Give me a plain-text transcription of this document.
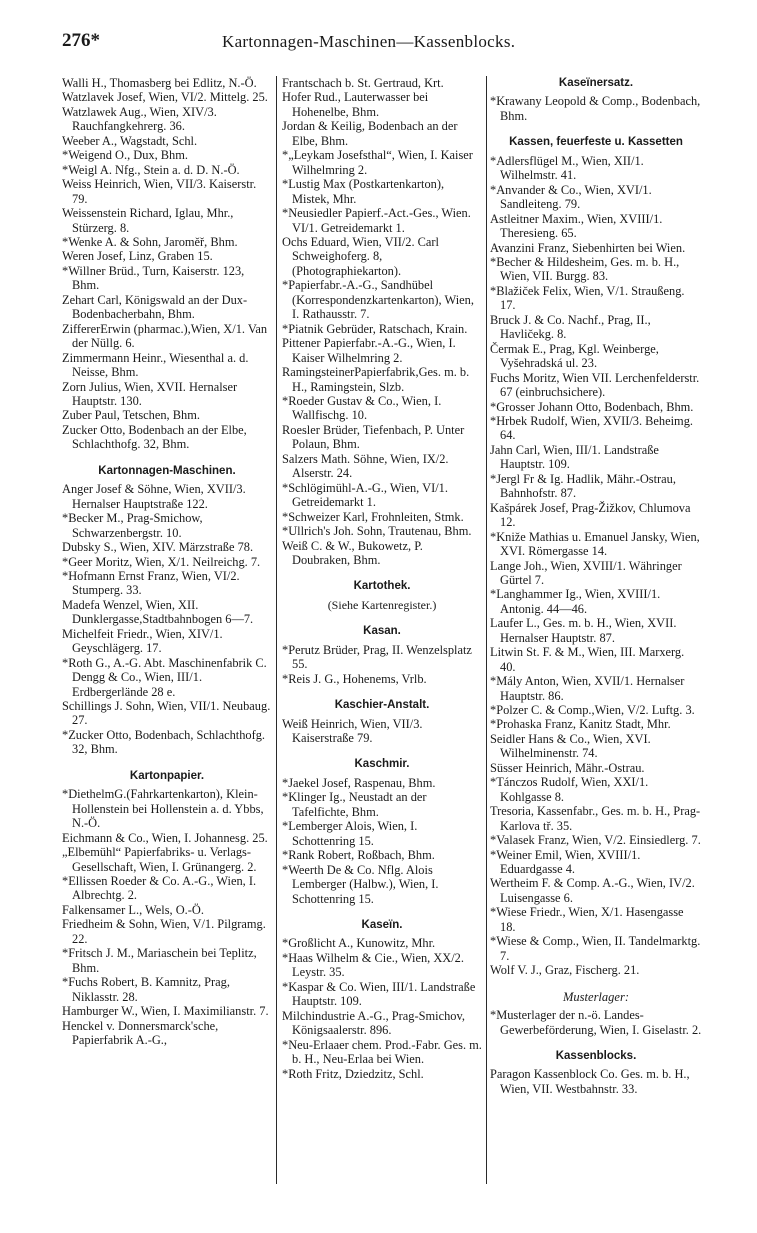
276*	Kartonnagen-Maschinen—Kassenblocks.

Walli H., Thomasberg bei Edlitz, N.-Ö.

Watzlavek Josef, Wien, VI/2. Mittelg. 25.

Watzlawek Aug., Wien, XIV/3. Rauchfangkehrerg. 36.

Weeber A., Wagstadt, Schl.

*Weigend O., Dux, Bhm.

*Weigl A. Nfg., Stein a. d. D. N.-Ö.

Weiss Heinrich, Wien, VII/3. Kaiserstr. 79.

Weissenstein Richard, Iglau, Mhr., Stürzerg. 8.

*Wenke A. & Sohn, Jaroměř, Bhm.

Weren Josef, Linz, Graben 15.

*Willner Brüd., Turn, Kaiserstr. 123, Bhm.

Zehart Carl, Königswald an der Dux-Bodenbacherbahn, Bhm.

ZiffererErwin (pharmac.),Wien, X/1. Van der Nüllg. 6.

Zimmermann Heinr., Wiesenthal a. d. Neisse, Bhm.

Zorn Julius, Wien, XVII. Hernalser Hauptstr. 130.

Zuber Paul, Tetschen, Bhm.

Zucker Otto, Bodenbach an der Elbe, Schlachthofg. 32, Bhm.

Kartonnagen-Maschinen.

Anger Josef & Söhne, Wien, XVII/3. Hernalser Hauptstraße 122.

*Becker M., Prag-Smichow, Schwarzenbergstr. 10.

Dubsky S., Wien, XIV. Märzstraße 78.

*Geer Moritz, Wien, X/1. Neilreichg. 7.

*Hofmann Ernst Franz, Wien, VI/2. Stumperg. 33.

Madefa Wenzel, Wien, XII. Dunklergasse,Stadtbahnbogen 6—7.

Michelfeit Friedr., Wien, XIV/1. Geyschlägerg. 17.

*Roth G., A.-G. Abt. Maschinenfabrik C. Dengg & Co., Wien, III/1. Erdbergerlände 28 e.

Schillings J. Sohn, Wien, VII/1. Neubaug. 27.

*Zucker Otto, Bodenbach, Schlachthofg. 32, Bhm.

Kartonpapier.

*DiethelmG.(Fahrkartenkarton), Klein-Hollenstein bei Hollenstein a. d. Ybbs, N.-Ö.

Eichmann & Co., Wien, I. Johannesg. 25.

„Elbemühl“ Papierfabriks- u. Verlags-Gesellschaft, Wien, I. Grünangerg. 2.

*Ellissen Roeder & Co. A.-G., Wien, I. Albrechtg. 2.

Falkensamer L., Wels, O.-Ö.

Friedheim & Sohn, Wien, V/1. Pilgramg. 22.

*Fritsch J. M., Mariaschein bei Teplitz, Bhm.

*Fuchs Robert, B. Kamnitz, Prag, Niklasstr. 28.

Hamburger W., Wien, I. Maximilianstr. 7.

Henckel v. Donnersmarck'sche, Papierfabrik A.-G.,

Frantschach b. St. Gertraud, Krt.

Hofer Rud., Lauterwasser bei Hohenelbe, Bhm.

Jordan & Keilig, Bodenbach an der Elbe, Bhm.

*„Leykam Josefsthal“, Wien, I. Kaiser Wilhelmring 2.

*Lustig Max (Postkartenkarton), Mistek, Mhr.

*Neusiedler Papierf.-Act.-Ges., Wien. VI/1. Getreidemarkt 1.

Ochs Eduard, Wien, VII/2. Carl Schweighoferg. 8, (Photographiekarton).

*Papierfabr.-A.-G., Sandhübel (Korrespondenzkartenkarton), Wien, I. Rathausstr. 7.

*Piatnik Gebrüder, Ratschach, Krain.

Pittener Papierfabr.-A.-G., Wien, I. Kaiser Wilhelmring 2.

RamingsteinerPapierfabrik,Ges. m. b. H., Ramingstein, Slzb.

*Roeder Gustav & Co., Wien, I. Wallfischg. 10.

Roesler Brüder, Tiefenbach, P. Unter Polaun, Bhm.

Salzers Math. Söhne, Wien, IX/2. Alserstr. 24.

*Schlögimühl-A.-G., Wien, VI/1. Getreidemarkt 1.

*Schweizer Karl, Frohnleiten, Stmk.

*Ullrich's Joh. Sohn, Trautenau, Bhm.

Weiß C. & W., Bukowetz, P. Doubraken, Bhm.

Kartothek.
(Siehe Kartenregister.)
Kasan.

*Perutz Brüder, Prag, II. Wenzelsplatz 55.

*Reis J. G., Hohenems, Vrlb.

Kaschier-Anstalt.

Weiß Heinrich, Wien, VII/3. Kaiserstraße 79.

Kaschmir.

*Jaekel Josef, Raspenau, Bhm.

*Klinger Ig., Neustadt an der Tafelfichte, Bhm.

*Lemberger Alois, Wien, I. Schottenring 15.

*Rank Robert, Roßbach, Bhm.

*Weerth De & Co. Nflg. Alois Lemberger (Halbw.), Wien, I. Schottenring 15.

Kaseïn.

*Großlicht A., Kunowitz, Mhr.

*Haas Wilhelm & Cie., Wien, XX/2. Leystr. 35.

*Kaspar & Co. Wien, III/1. Landstraße Hauptstr. 109.

Milchindustrie A.-G., Prag-Smichov, Königsaalerstr. 896.

*Neu-Erlaaer chem. Prod.-Fabr. Ges. m. b. H., Neu-Erlaa bei Wien.

*Roth Fritz, Dziedzitz, Schl.

Kaseïnersatz.

*Krawany Leopold & Comp., Bodenbach, Bhm.

Kassen, feuerfeste u. Kassetten

*Adlersflügel M., Wien, XII/1. Wilhelmstr. 41.

*Anvander & Co., Wien, XVI/1. Sandleiteng. 79.

Astleitner Maxim., Wien, XVIII/1. Theresieng. 65.

Avanzini Franz, Siebenhirten bei Wien.

*Becher & Hildesheim, Ges. m. b. H., Wien, VII. Burgg. 83.

*Blažiček Felix, Wien, V/1. Straußeng. 17.

Bruck J. & Co. Nachf., Prag, II., Havličekg. 8.

Čermak E., Prag, Kgl. Weinberge, Vyšehradská ul. 23.

Fuchs Moritz, Wien VII. Lerchenfelderstr. 67 (einbruchsichere).

*Grosser Johann Otto, Bodenbach, Bhm.

*Hrbek Rudolf, Wien, XVII/3. Beheimg. 64.

Jahn Carl, Wien, III/1. Landstraße Hauptstr. 109.

*Jergl Fr & Ig. Hadlik, Mähr.-Ostrau, Bahnhofstr. 87.

Kašpárek Josef, Prag-Žižkov, Chlumova 12.

*Knižе Mathias u. Emanuel Jansky, Wien, XVI. Römergasse 14.

Lange Joh., Wien, XVIII/1. Währinger Gürtel 7.

*Langhammer Ig., Wien, XVIII/1. Antonig. 44—46.

Laufer L., Ges. m. b. H., Wien, XVII. Hernalser Hauptstr. 87.

Litwin St. F. & M., Wien, III. Marxerg. 40.

*Mály Anton, Wien, XVII/1. Hernalser Hauptstr. 86.

*Polzer C. & Comp.,Wien, V/2. Luftg. 3.

*Prohaska Franz, Kanitz Stadt, Mhr.

Seidler Hans & Co., Wien, XVI. Wilhelminenstr. 74.

Süsser Heinrich, Mähr.-Ostrau.

*Tánczos Rudolf, Wien, XXI/1. Kohlgasse 8.

Tresoria, Kassenfabr., Ges. m. b. H., Prag-Karlova tř. 35.

*Valasek Franz, Wien, V/2. Einsiedlerg. 7.

*Weiner Emil, Wien, XVIII/1. Eduardgasse 4.

Wertheim F. & Comp. A.-G., Wien, IV/2. Luisengasse 6.

*Wiese Friedr., Wien, X/1. Hasengasse 18.

*Wiese & Comp., Wien, II. Tandelmarktg. 7.

Wolf V. J., Graz, Fischerg. 21.

Musterlager:

*Musterlager der n.-ö. Landes-Gewerbeförderung, Wien, I. Giselastr. 2.

Kassenblocks.

Paragon Kassenblock Co. Ges. m. b. H., Wien, VII. Westbahnstr. 33.
